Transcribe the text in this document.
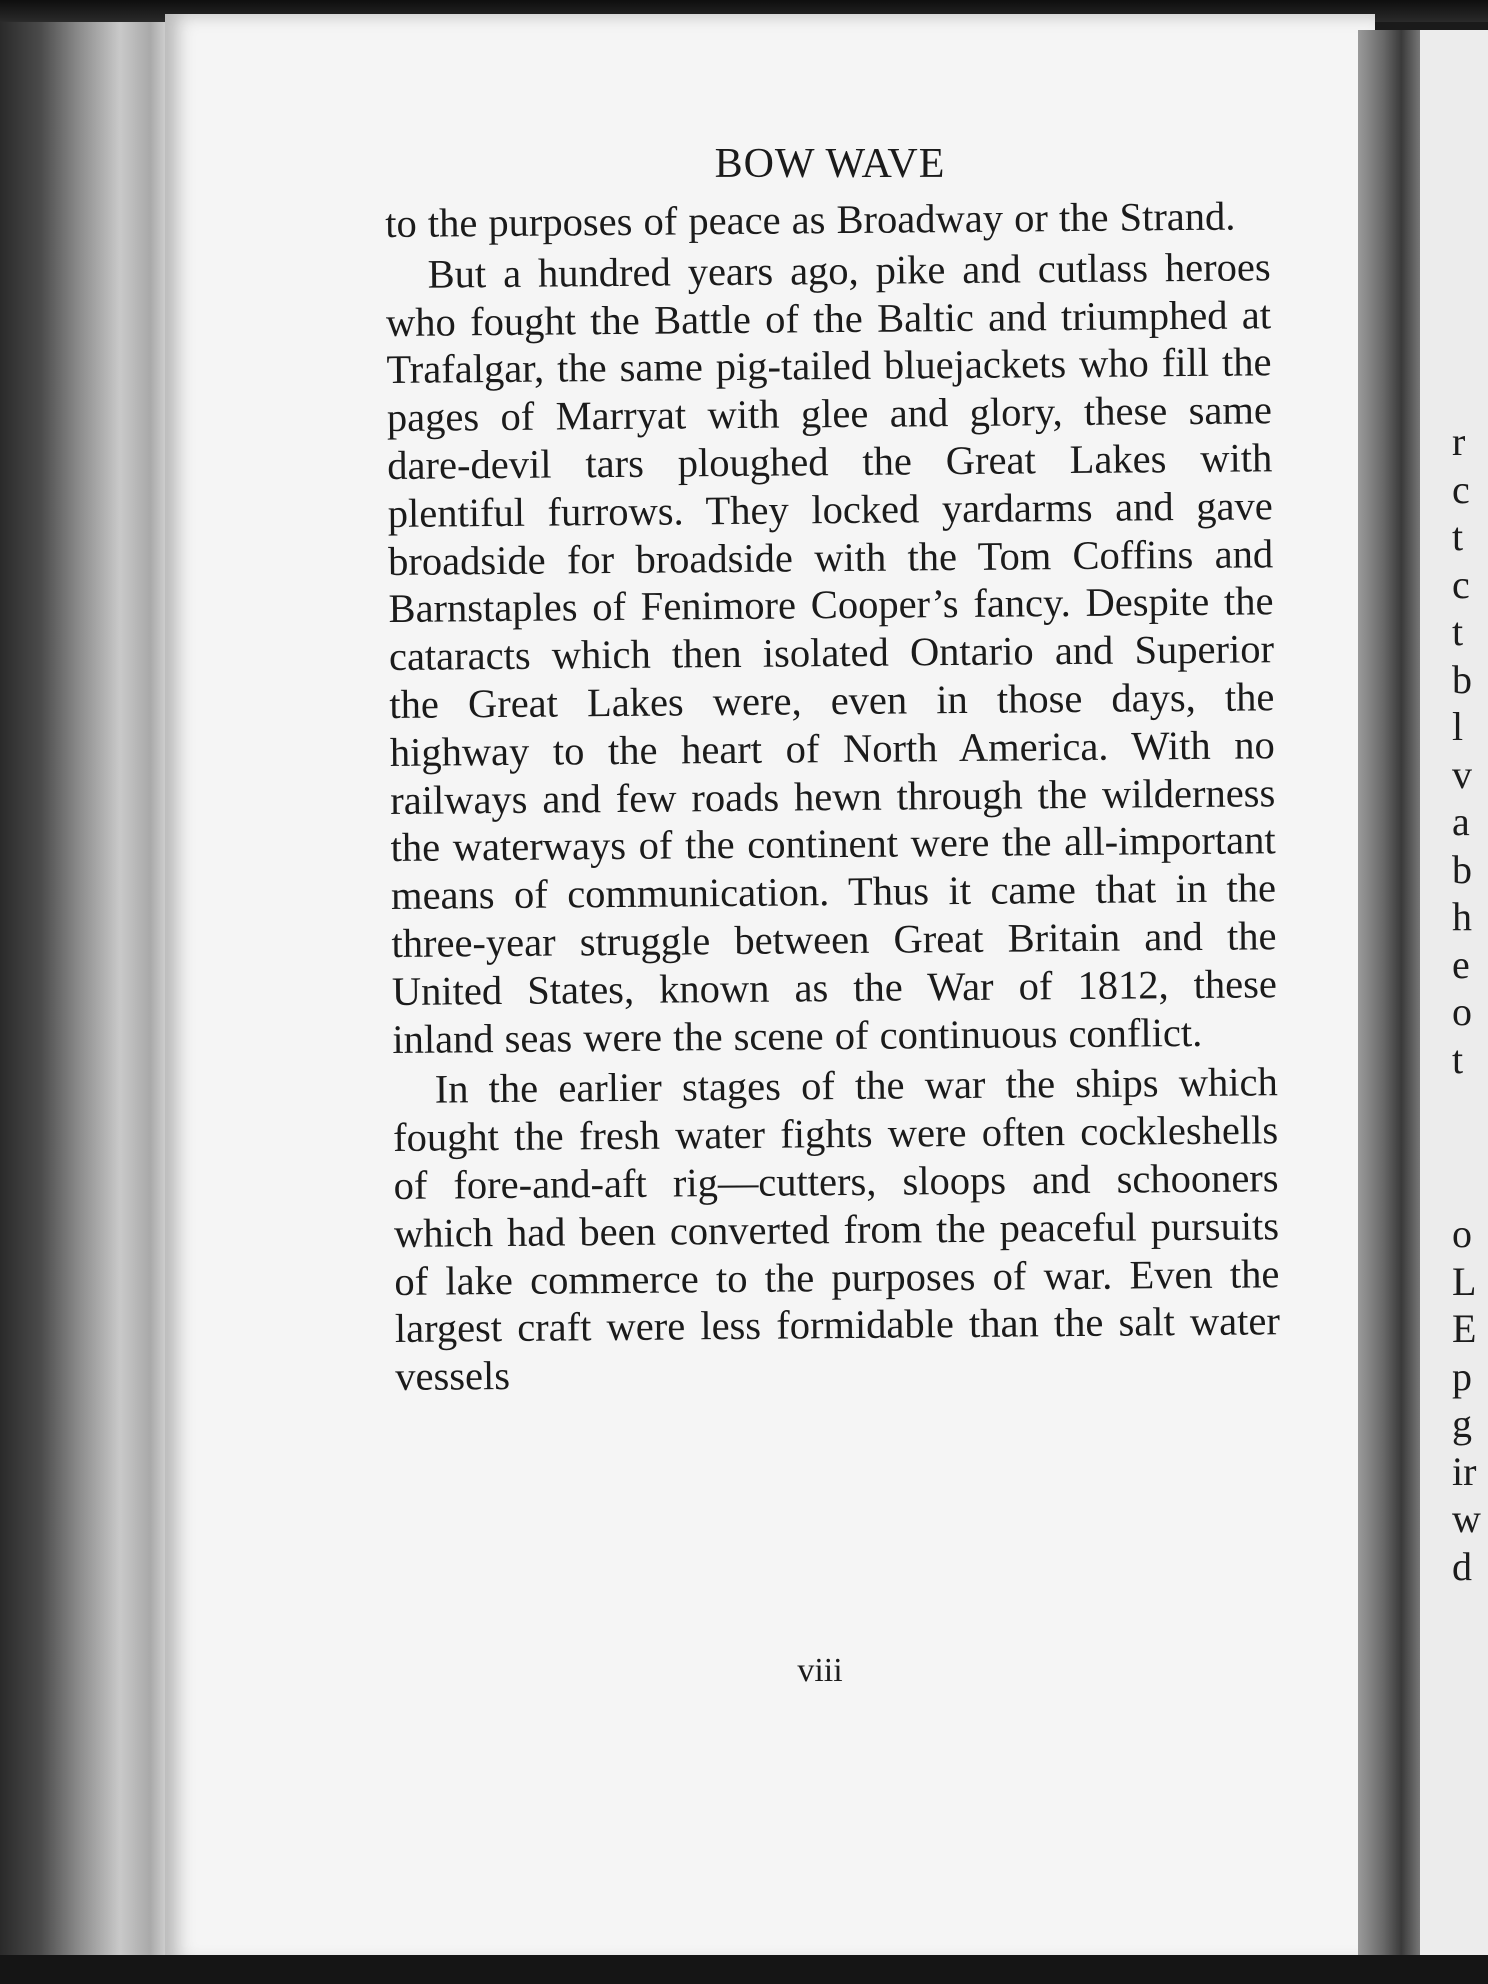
r
c
t
c
t
b
l
v
a
b
h
e
o
t
o
L
E
p
g
ir
w
d
BOW WAVE

to the purposes of peace as Broadway or the Strand.

But a hundred years ago, pike and cutlass heroes who fought the Battle of the Baltic and triumphed at Trafalgar, the same pig-tailed bluejackets who fill the pages of Marryat with glee and glory, these same dare-devil tars ploughed the Great Lakes with plentiful furrows. They locked yardarms and gave broadside for broadside with the Tom Coffins and Barnstaples of Fenimore Cooper’s fancy. Despite the cataracts which then isolated Ontario and Superior the Great Lakes were, even in those days, the highway to the heart of North America. With no railways and few roads hewn through the wilderness the waterways of the continent were the all-important means of communication. Thus it came that in the three-year struggle between Great Britain and the United States, known as the War of 1812, these inland seas were the scene of continuous conflict.

In the earlier stages of the war the ships which fought the fresh water fights were often cockleshells of fore-and-aft rig—cutters, sloops and schooners which had been converted from the peaceful pursuits of lake commerce to the purposes of war. Even the largest craft were less formidable than the salt water vessels

viii
